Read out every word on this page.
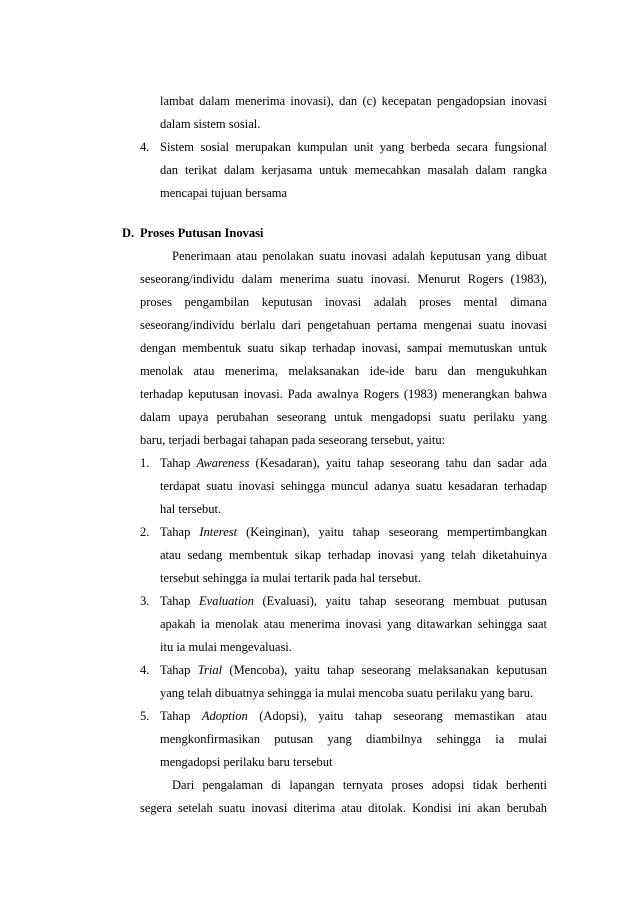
lambat dalam menerima inovasi), dan (c) kecepatan pengadopsian inovasi
dalam sistem sosial.
4. Sistem sosial merupakan kumpulan unit yang berbeda secara fungsional
dan terikat dalam kerjasama untuk memecahkan masalah dalam rangka
mencapai tujuan bersama
D. Proses Putusan Inovasi
Penerimaan atau penolakan suatu inovasi adalah keputusan yang dibuat
seseorang/individu dalam menerima suatu inovasi. Menurut Rogers (1983),
proses pengambilan keputusan inovasi adalah proses mental dimana
seseorang/individu berlalu dari pengetahuan pertama mengenai suatu inovasi
dengan membentuk suatu sikap terhadap inovasi, sampai memutuskan untuk
menolak atau menerima, melaksanakan ide-ide baru dan mengukuhkan
terhadap keputusan inovasi. Pada awalnya Rogers (1983) menerangkan bahwa
dalam upaya perubahan seseorang untuk mengadopsi suatu perilaku yang
baru, terjadi berbagai tahapan pada seseorang tersebut, yaitu:
1. Tahap Awareness (Kesadaran), yaitu tahap seseorang tahu dan sadar ada
terdapat suatu inovasi sehingga muncul adanya suatu kesadaran terhadap
hal tersebut.
2. Tahap Interest (Keinginan), yaitu tahap seseorang mempertimbangkan
atau sedang membentuk sikap terhadap inovasi yang telah diketahuinya
tersebut sehingga ia mulai tertarik pada hal tersebut.
3. Tahap Evaluation (Evaluasi), yaitu tahap seseorang membuat putusan
apakah ia menolak atau menerima inovasi yang ditawarkan sehingga saat
itu ia mulai mengevaluasi.
4. Tahap Trial (Mencoba), yaitu tahap seseorang melaksanakan keputusan
yang telah dibuatnya sehingga ia mulai mencoba suatu perilaku yang baru.
5. Tahap Adoption (Adopsi), yaitu tahap seseorang memastikan atau
mengkonfirmasikan putusan yang diambilnya sehingga ia mulai
mengadopsi perilaku baru tersebut
Dari pengalaman di lapangan ternyata proses adopsi tidak berhenti
segera setelah suatu inovasi diterima atau ditolak. Kondisi ini akan berubah
